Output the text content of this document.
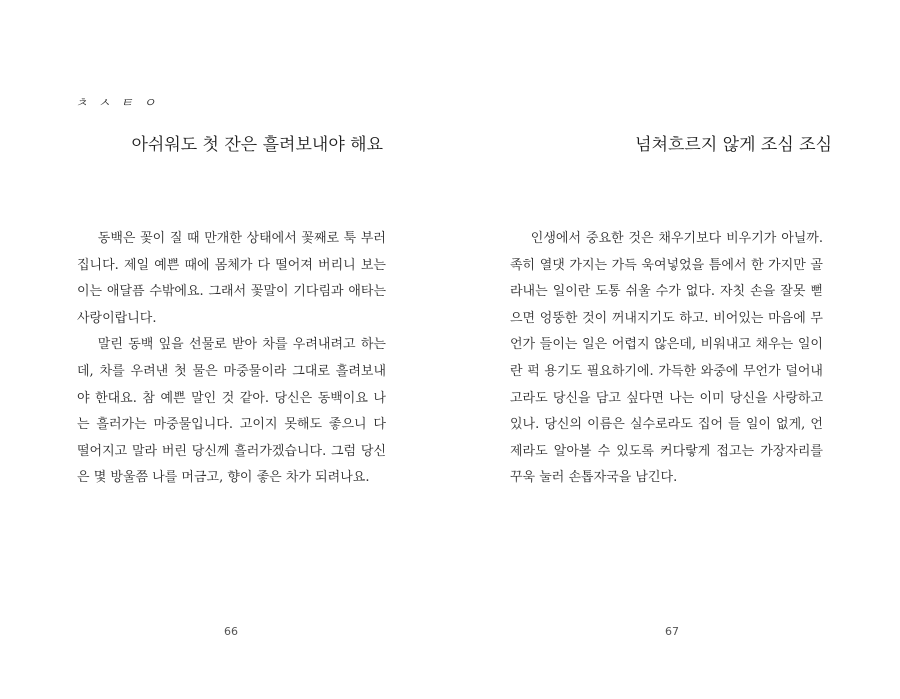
ㅊ ㅅ ㅌ ㅇ
아쉬워도 첫 잔은 흘려보내야 해요

동백은 꽃이 질 때 만개한 상태에서 꽃째로 툭 부러집니다. 제일 예쁜 때에 몸체가 다 떨어져 버리니 보는 이는 애달픔 수밖에요. 그래서 꽃말이 기다림과 애타는 사랑이랍니다.

말린 동백 잎을 선물로 받아 차를 우려내려고 하는데, 차를 우려낸 첫 물은 마중물이라 그대로 흘려보내야 한대요. 참 예쁜 말인 것 같아. 당신은 동백이요 나는 흘러가는 마중물입니다. 고이지 못해도 좋으니 다 떨어지고 말라 버린 당신께 흘러가겠습니다. 그럼 당신은 몇 방울쯤 나를 머금고, 향이 좋은 차가 되려나요.

66
넘쳐흐르지 않게 조심 조심

인생에서 중요한 것은 채우기보다 비우기가 아닐까. 족히 열댓 가지는 가득 욱여넣었을 틈에서 한 가지만 골라내는 일이란 도통 쉬울 수가 없다. 자칫 손을 잘못 뻗으면 엉뚱한 것이 꺼내지기도 하고. 비어있는 마음에 무언가 들이는 일은 어렵지 않은데, 비워내고 채우는 일이란 퍽 용기도 필요하기에. 가득한 와중에 무언가 덜어내고라도 당신을 담고 싶다면 나는 이미 당신을 사랑하고 있나. 당신의 이름은 실수로라도 집어 들 일이 없게, 언제라도 알아볼 수 있도록 커다랗게 접고는 가장자리를 꾸욱 눌러 손톱자국을 남긴다.

67
